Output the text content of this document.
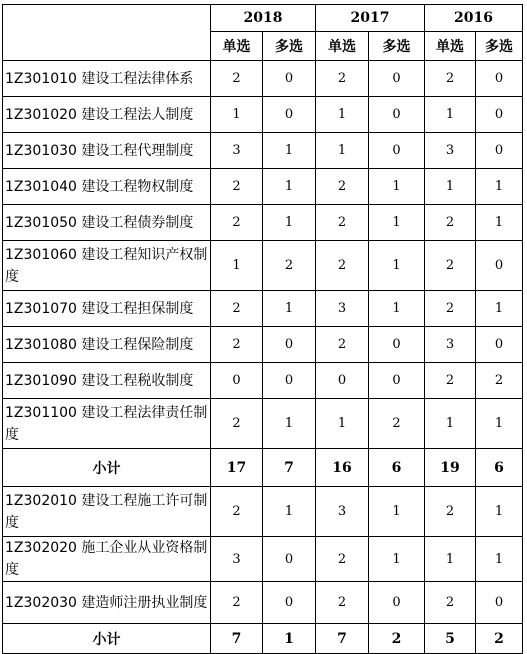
	2018		2017		2016	
	单选	多选	单选	多选	单选	多选
1Z301010 建设工程法律体系	2	0	2	0	2	0
1Z301020 建设工程法人制度	1	0	1	0	1	0
1Z301030 建设工程代理制度	3	1	1	0	3	0
1Z301040 建设工程物权制度	2	1	2	1	1	1
1Z301050 建设工程债券制度	2	1	2	1	2	1
1Z301060 建设工程知识产权制度	1	2	2	1	2	0
1Z301070 建设工程担保制度	2	1	3	1	2	1
1Z301080 建设工程保险制度	2	0	2	0	3	0
1Z301090 建设工程税收制度	0	0	0	0	2	2
1Z301100 建设工程法律责任制度	2	1	1	2	1	1
小计	17	7	16	6	19	6
1Z302010 建设工程施工许可制度	2	1	3	1	2	1
1Z302020 施工企业从业资格制度	3	0	2	1	1	1
1Z302030 建造师注册执业制度	2	0	2	0	2	0
小计	7	1	7	2	5	2
